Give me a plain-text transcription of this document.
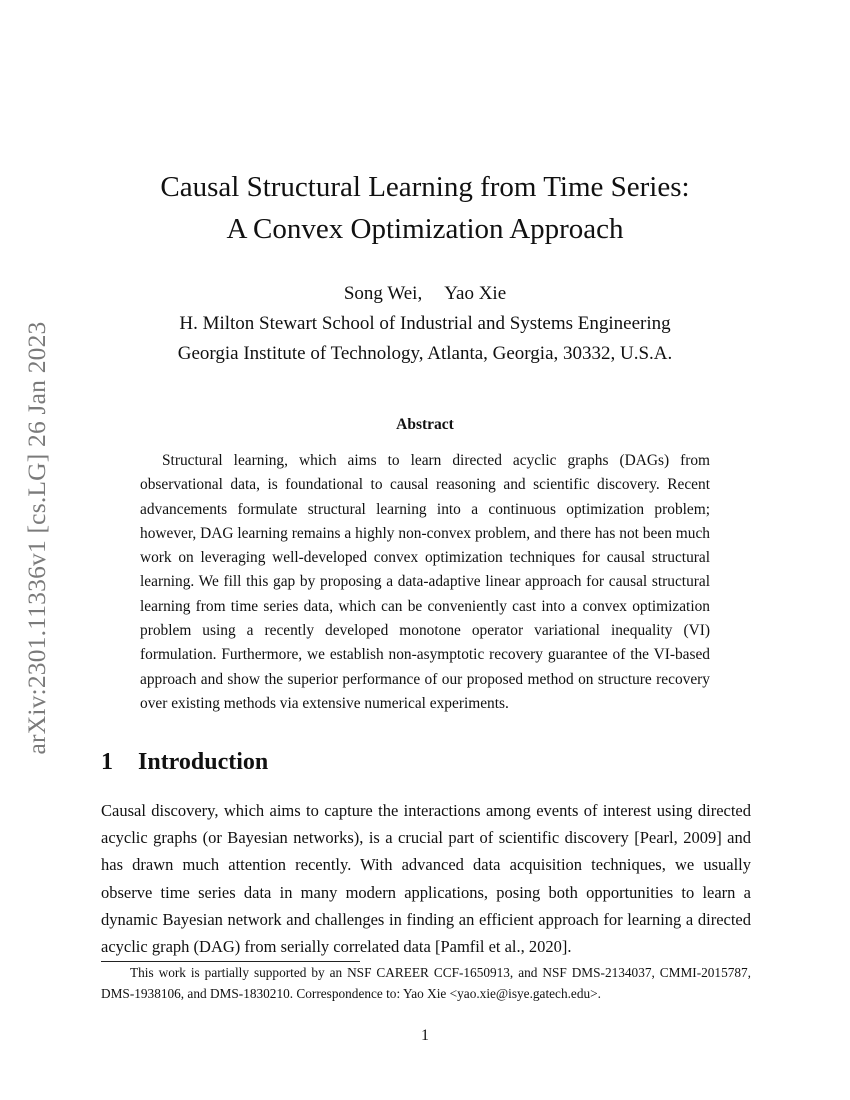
arXiv:2301.11336v1 [cs.LG] 26 Jan 2023
Causal Structural Learning from Time Series:
A Convex Optimization Approach
Song Wei, Yao Xie
H. Milton Stewart School of Industrial and Systems Engineering
Georgia Institute of Technology, Atlanta, Georgia, 30332, U.S.A.
Abstract

Structural learning, which aims to learn directed acyclic graphs (DAGs) from observational data, is foundational to causal reasoning and scientific discovery. Recent advancements formulate structural learning into a continuous optimization problem; however, DAG learning remains a highly non-convex problem, and there has not been much work on leveraging well-developed convex optimization techniques for causal structural learning. We fill this gap by proposing a data-adaptive linear approach for causal structural learning from time series data, which can be conveniently cast into a convex optimization problem using a recently developed monotone operator variational inequality (VI) formulation. Furthermore, we establish non-asymptotic recovery guarantee of the VI-based approach and show the superior performance of our proposed method on structure recovery over existing methods via extensive numerical experiments.

1	Introduction

Causal discovery, which aims to capture the interactions among events of interest using directed acyclic graphs (or Bayesian networks), is a crucial part of scientific discovery [Pearl, 2009] and has drawn much attention recently. With advanced data acquisition techniques, we usually observe time series data in many modern applications, posing both opportunities to learn a dynamic Bayesian network and challenges in finding an efficient approach for learning a directed acyclic graph (DAG) from serially correlated data [Pamfil et al., 2020].

This work is partially supported by an NSF CAREER CCF-1650913, and NSF DMS-2134037, CMMI-2015787, DMS-1938106, and DMS-1830210. Correspondence to: Yao Xie <yao.xie@isye.gatech.edu>.

1
